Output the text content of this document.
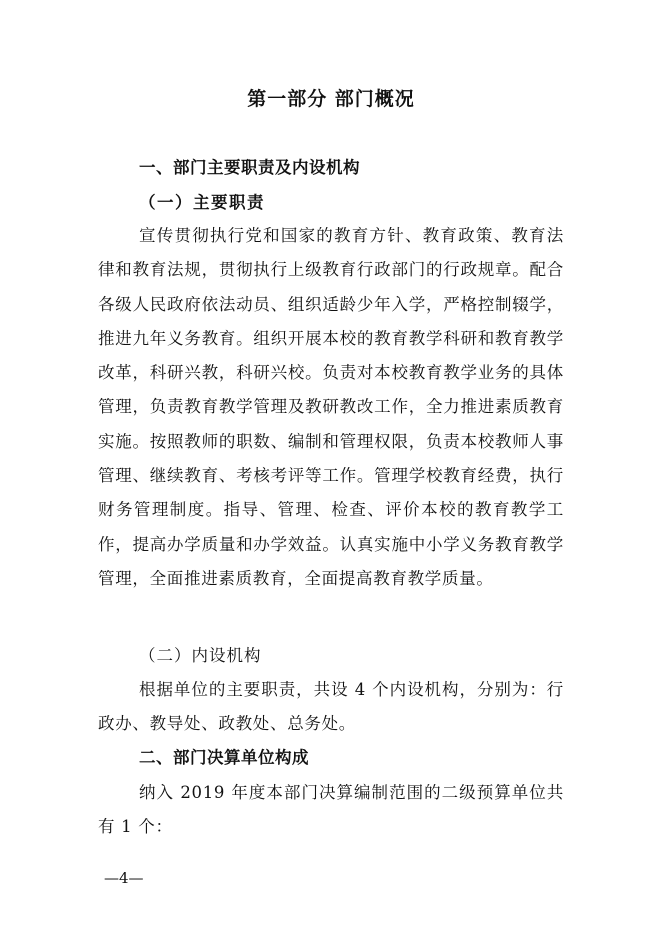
第一部分 部门概况
一、部门主要职责及内设机构
（一）主要职责
宣传贯彻执行党和国家的教育方针、教育政策、教育法律和教育法规，贯彻执行上级教育行政部门的行政规章。配合各级人民政府依法动员、组织适龄少年入学，严格控制辍学，推进九年义务教育。组织开展本校的教育教学科研和教育教学改革，科研兴教，科研兴校。负责对本校教育教学业务的具体管理，负责教育教学管理及教研教改工作，全力推进素质教育实施。按照教师的职数、编制和管理权限，负责本校教师人事管理、继续教育、考核考评等工作。管理学校教育经费，执行财务管理制度。指导、管理、检查、评价本校的教育教学工作，提高办学质量和办学效益。认真实施中小学义务教育教学管理，全面推进素质教育，全面提高教育教学质量。
（二）内设机构
根据单位的主要职责，共设 4 个内设机构，分别为：行政办、教导处、政教处、总务处。
二、部门决算单位构成
纳入 2019 年度本部门决算编制范围的二级预算单位共有 1 个：
—4—
